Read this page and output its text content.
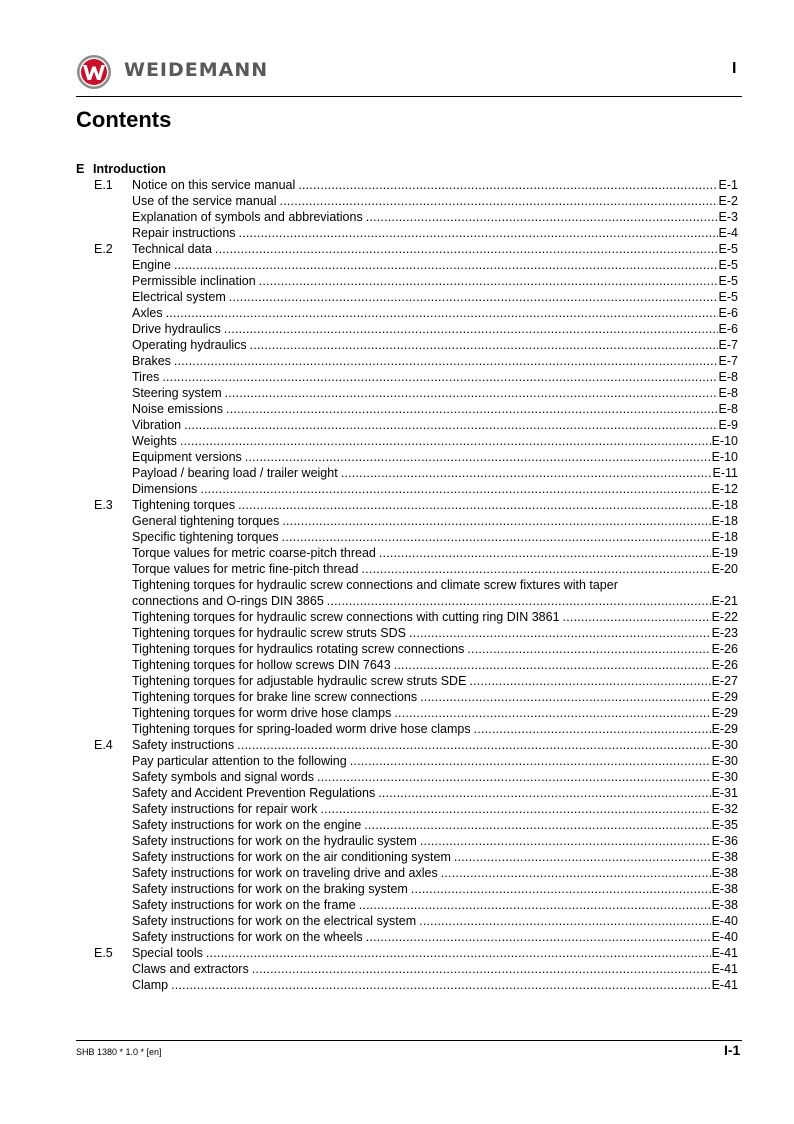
WEIDEMANN	I
Contents
E Introduction
E.1	Notice on this service manual .....	E-1
Use of the service manual .....	E-2
Explanation of symbols and abbreviations .....	E-3
Repair instructions .....	E-4
E.2	Technical data .....	E-5
Engine .....	E-5
Permissible inclination .....	E-5
Electrical system .....	E-5
Axles .....	E-6
Drive hydraulics .....	E-6
Operating hydraulics .....	E-7
Brakes .....	E-7
Tires .....	E-8
Steering system .....	E-8
Noise emissions .....	E-8
Vibration .....	E-9
Weights .....	E-10
Equipment versions .....	E-10
Payload / bearing load / trailer weight .....	E-11
Dimensions .....	E-12
E.3	Tightening torques .....	E-18
General tightening torques .....	E-18
Specific tightening torques .....	E-18
Torque values for metric coarse-pitch thread .....	E-19
Torque values for metric fine-pitch thread .....	E-20
Tightening torques for hydraulic screw connections and climate screw fixtures with taper
connections and O-rings DIN 3865 .....	E-21
Tightening torques for hydraulic screw connections with cutting ring DIN 3861 .....	E-22
Tightening torques for hydraulic screw struts SDS .....	E-23
Tightening torques for hydraulics rotating screw connections .....	E-26
Tightening torques for hollow screws DIN 7643 .....	E-26
Tightening torques for adjustable hydraulic screw struts SDE .....	E-27
Tightening torques for brake line screw connections .....	E-29
Tightening torques for worm drive hose clamps .....	E-29
Tightening torques for spring-loaded worm drive hose clamps .....	E-29
E.4	Safety instructions .....	E-30
Pay particular attention to the following .....	E-30
Safety symbols and signal words .....	E-30
Safety and Accident Prevention Regulations .....	E-31
Safety instructions for repair work .....	E-32
Safety instructions for work on the engine .....	E-35
Safety instructions for work on the hydraulic system .....	E-36
Safety instructions for work on the air conditioning system .....	E-38
Safety instructions for work on traveling drive and axles .....	E-38
Safety instructions for work on the braking system .....	E-38
Safety instructions for work on the frame .....	E-38
Safety instructions for work on the electrical system .....	E-40
Safety instructions for work on the wheels .....	E-40
E.5	Special tools .....	E-41
Claws and extractors .....	E-41
Clamp .....	E-41
SHB 1380 * 1.0 * [en]	I-1
